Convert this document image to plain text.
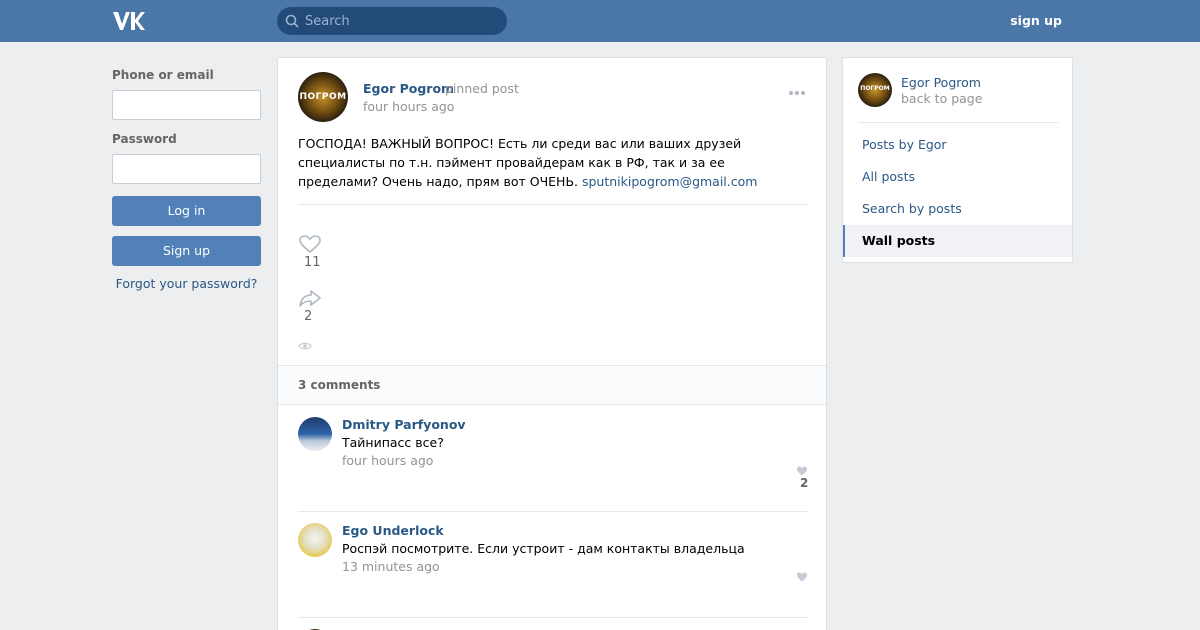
Search
sign up
Phone or email
Password
Log in
Sign up
Forgot your password?
ПОГРОМ
Egor Pogrom
pinned post
four hours ago
ГОСПОДА! ВАЖНЫЙ ВОПРОС! Есть ли среди вас или ваших друзей специалисты по т.н. пэймент провайдерам как в РФ, так и за ее пределами? Очень надо, прям вот ОЧЕНЬ. sputnikipogrom@gmail.com
11
2
3 comments
Dmitry Parfyonov
Тайнипасс все?
four hours ago
2
Ego Underlock
Роспэй посмотрите. Если устроит - дам контакты владельца
13 minutes ago
ПОГРОМ Egor Pogrom
back to page
Posts by Egor
All posts
Search by posts
Wall posts
